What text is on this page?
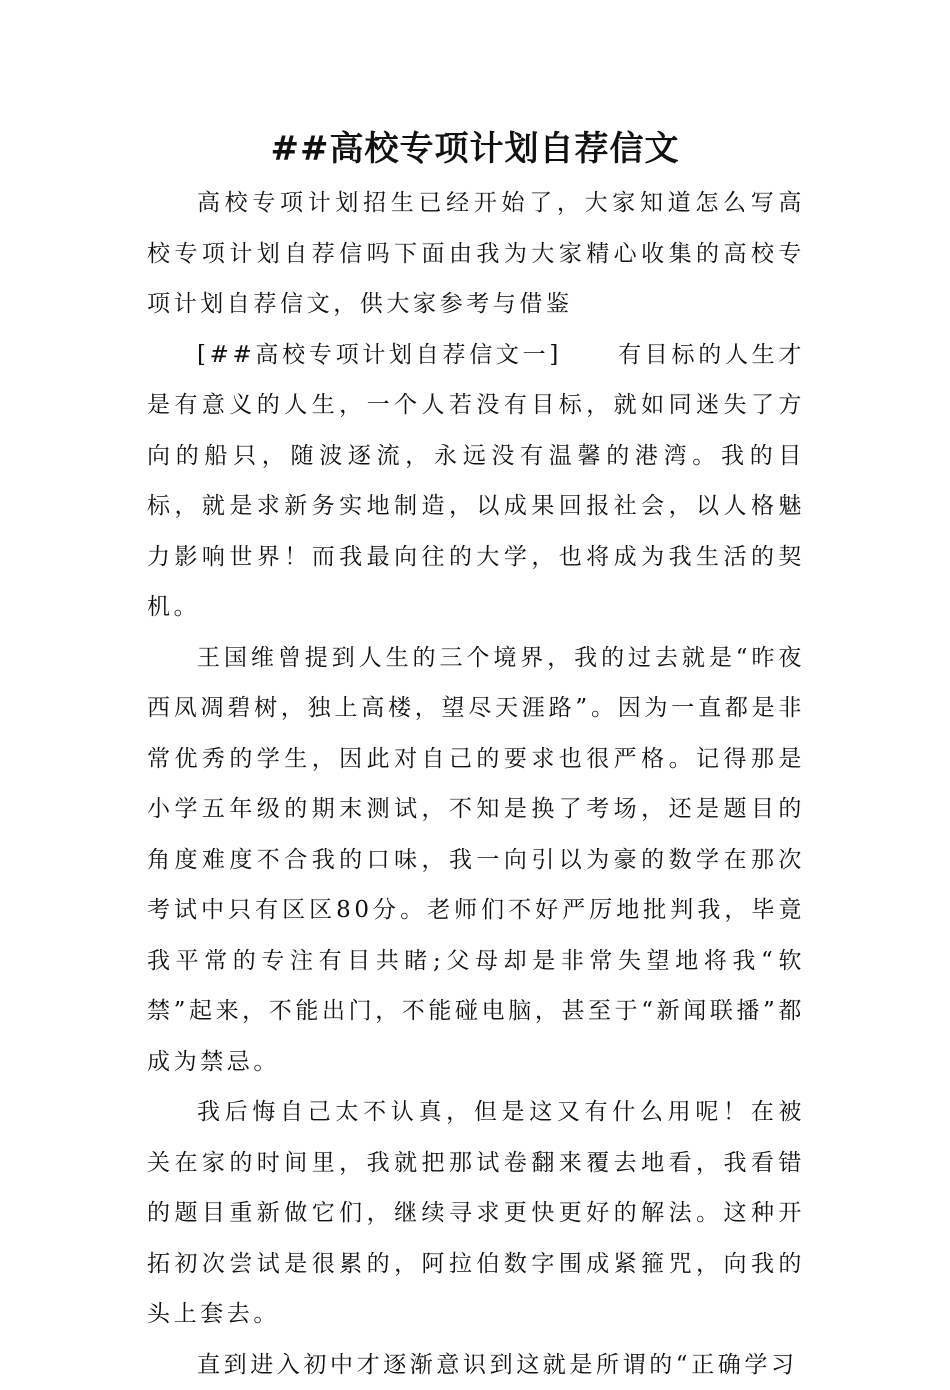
##高校专项计划自荐信文

高校专项计划招生已经开始了，大家知道怎么写高校专项计划自荐信吗下面由我为大家精心收集的高校专项计划自荐信文，供大家参考与借鉴

[##高校专项计划自荐信文一] 有目标的人生才是有意义的人生，一个人若没有目标，就如同迷失了方向的船只，随波逐流，永远没有温馨的港湾。我的目标，就是求新务实地制造，以成果回报社会，以人格魅力影响世界！而我最向往的大学，也将成为我生活的契机。

王国维曾提到人生的三个境界，我的过去就是“昨夜西凤凋碧树，独上高楼，望尽天涯路”。因为一直都是非常优秀的学生，因此对自己的要求也很严格。记得那是小学五年级的期末测试，不知是换了考场，还是题目的角度难度不合我的口味，我一向引以为豪的数学在那次考试中只有区区80分。老师们不好严厉地批判我，毕竟我平常的专注有目共睹;父母却是非常失望地将我“软禁”起来，不能出门，不能碰电脑，甚至于“新闻联播”都成为禁忌。

我后悔自己太不认真，但是这又有什么用呢！在被关在家的时间里，我就把那试卷翻来覆去地看，我看错的题目重新做它们，继续寻求更快更好的解法。这种开拓初次尝试是很累的，阿拉伯数字围成紧箍咒，向我的头上套去。

直到进入初中才逐渐意识到这就是所谓的“正确学习
